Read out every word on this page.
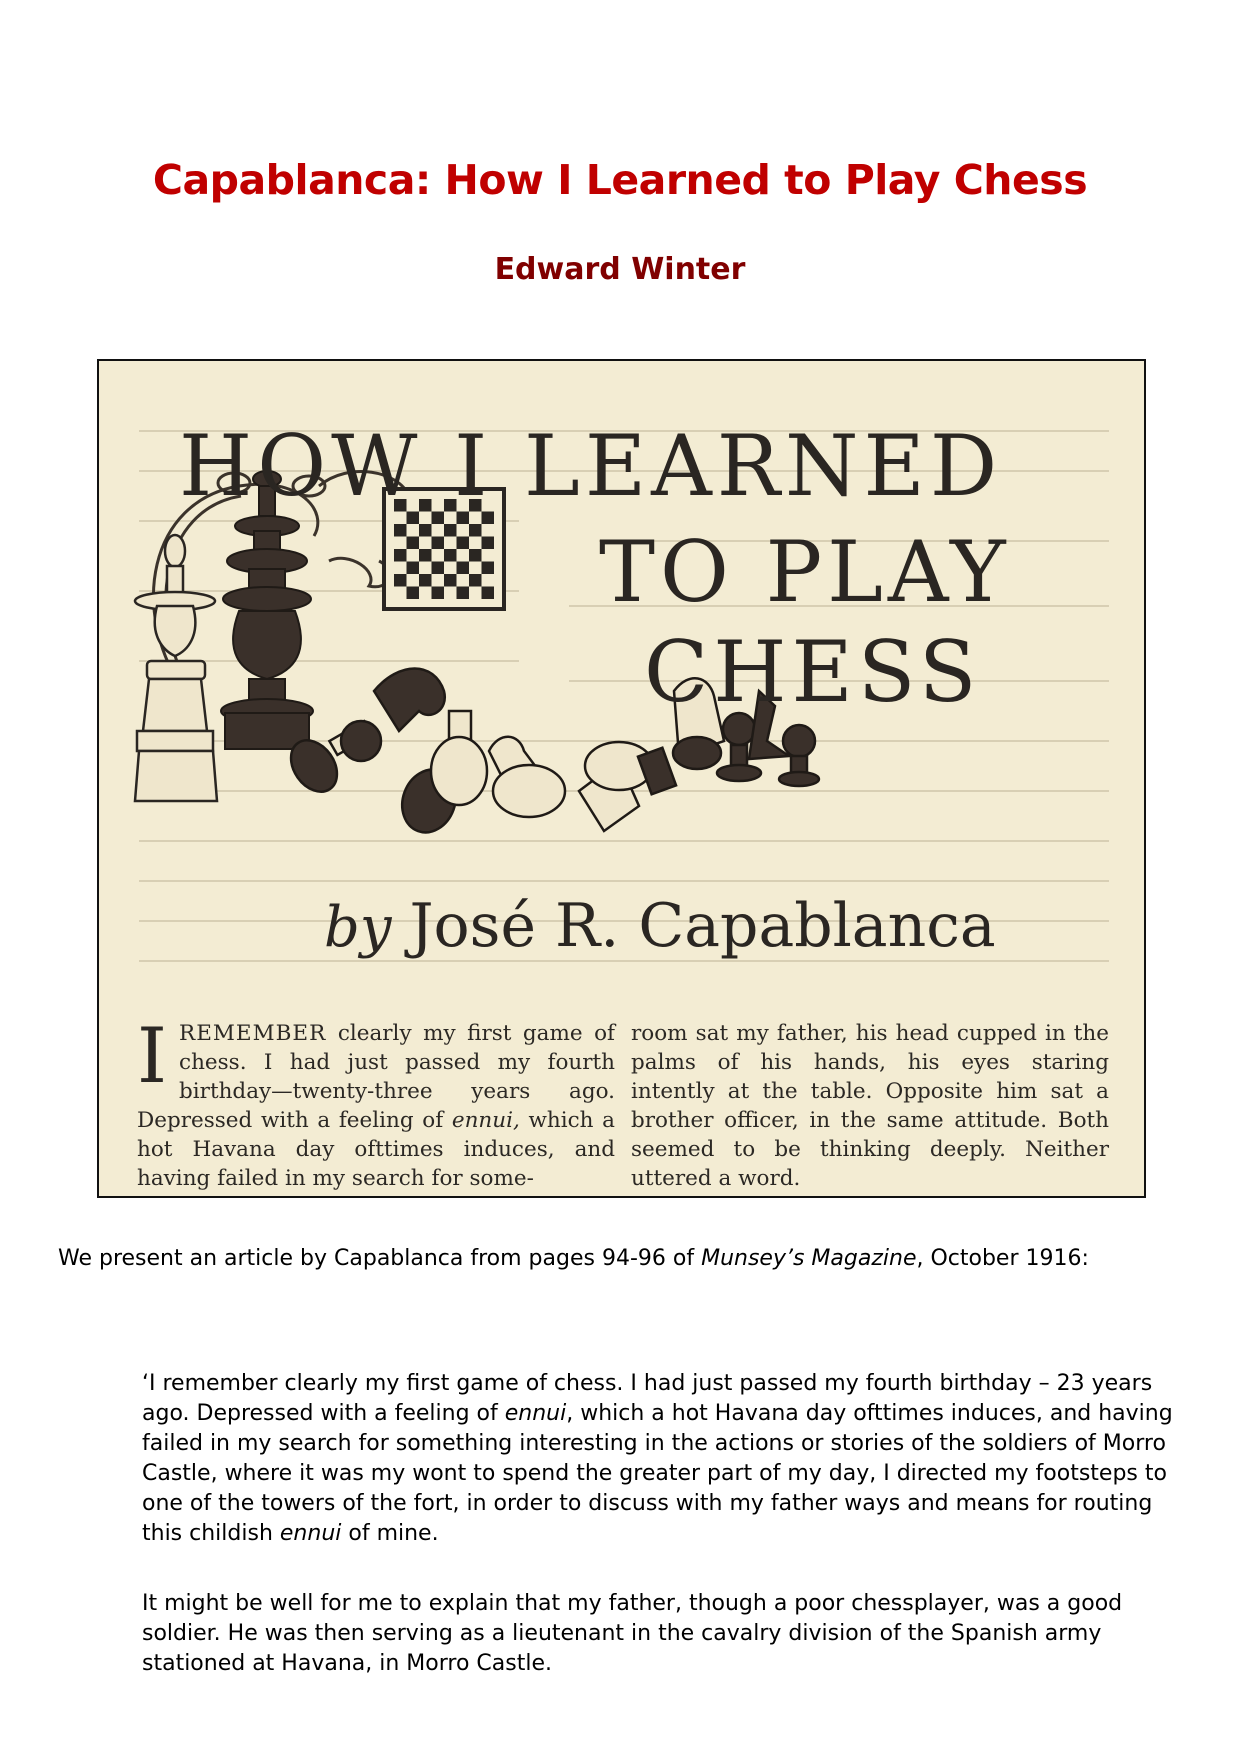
Capablanca: How I Learned to Play Chess
Edward Winter
HOW I LEARNED
TO PLAY
CHESS
by José R. Capablanca
IREMEMBER clearly my first game of chess. I had just passed my fourth birthday—twenty-three years ago. Depressed with a feeling of ennui, which a hot Havana day ofttimes induces, and having failed in my search for some-
room sat my father, his head cupped in the palms of his hands, his eyes staring intently at the table. Opposite him sat a brother officer, in the same attitude. Both seemed to be thinking deeply. Neither uttered a word.

We present an article by Capablanca from pages 94-96 of Munsey’s Magazine, October 1916:

‘I remember clearly my first game of chess. I had just passed my fourth birthday – 23 years ago. Depressed with a feeling of ennui, which a hot Havana day ofttimes induces, and having failed in my search for something interesting in the actions or stories of the soldiers of Morro Castle, where it was my wont to spend the greater part of my day, I directed my footsteps to one of the towers of the fort, in order to discuss with my father ways and means for routing this childish ennui of mine.

It might be well for me to explain that my father, though a poor chessplayer, was a good soldier. He was then serving as a lieutenant in the cavalry division of the Spanish army stationed at Havana, in Morro Castle.
